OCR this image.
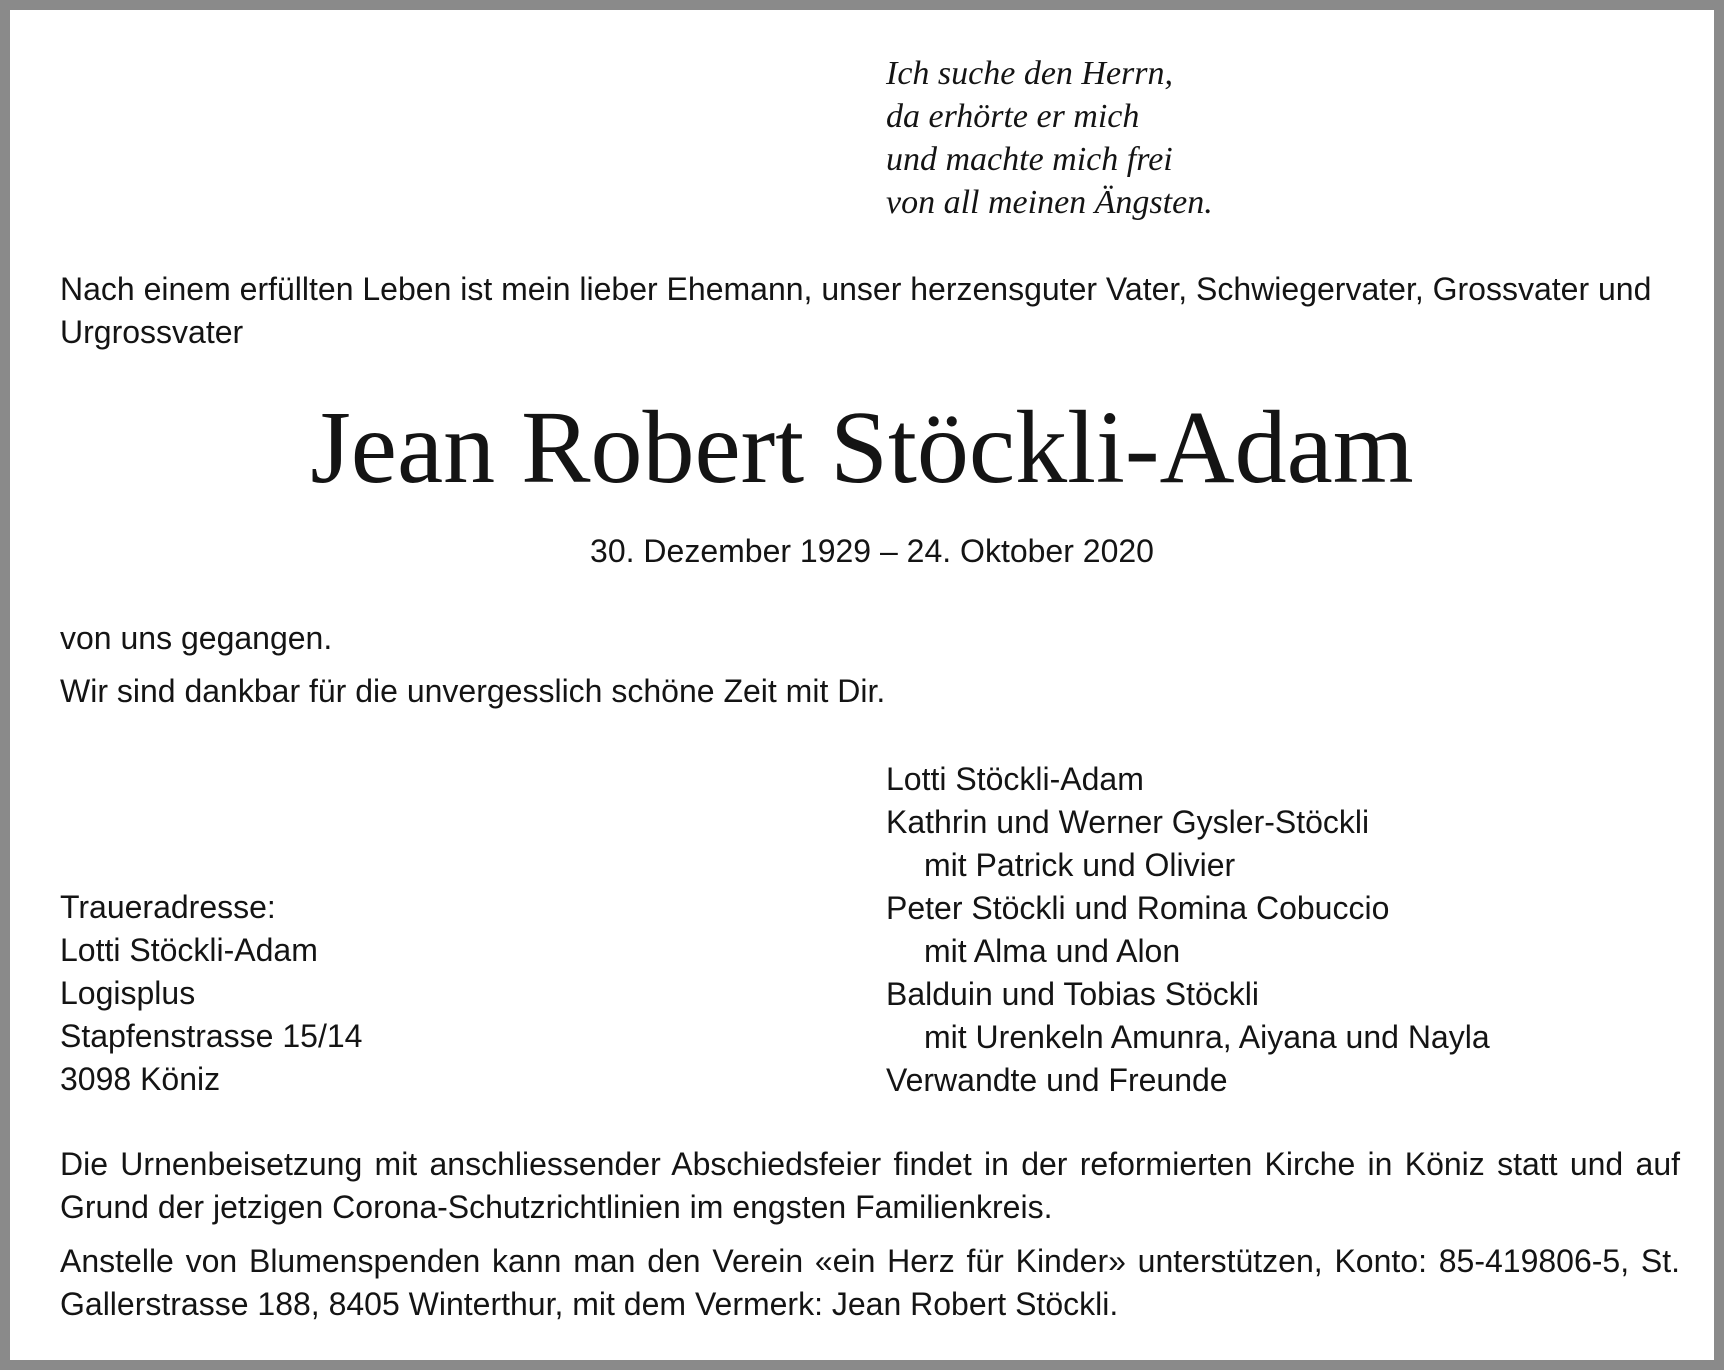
Ich suche den Herrn,
da erhörte er mich
und machte mich frei
von all meinen Ängsten.
Nach einem erfüllten Leben ist mein lieber Ehemann, unser herzensguter Vater, Schwiegervater, Grossvater und Urgrossvater
Jean Robert Stöckli-Adam
30. Dezember 1929 – 24. Oktober 2020
von uns gegangen.
Wir sind dankbar für die unvergesslich schöne Zeit mit Dir.
Traueradresse:
Lotti Stöckli-Adam
Logisplus
Stapfenstrasse 15/14
3098 Köniz
Lotti Stöckli-Adam
Kathrin und Werner Gysler-Stöckli
mit Patrick und Olivier
Peter Stöckli und Romina Cobuccio
mit Alma und Alon
Balduin und Tobias Stöckli
mit Urenkeln Amunra, Aiyana und Nayla
Verwandte und Freunde
Die Urnenbeisetzung mit anschliessender Abschiedsfeier findet in der reformierten Kirche in Köniz statt und auf Grund der jetzigen Corona-Schutzrichtlinien im engsten Familienkreis.
Anstelle von Blumenspenden kann man den Verein «ein Herz für Kinder» unterstützen, Konto: 85-419806-5, St. Gallerstrasse 188, 8405 Winterthur, mit dem Vermerk: Jean Robert Stöckli.
